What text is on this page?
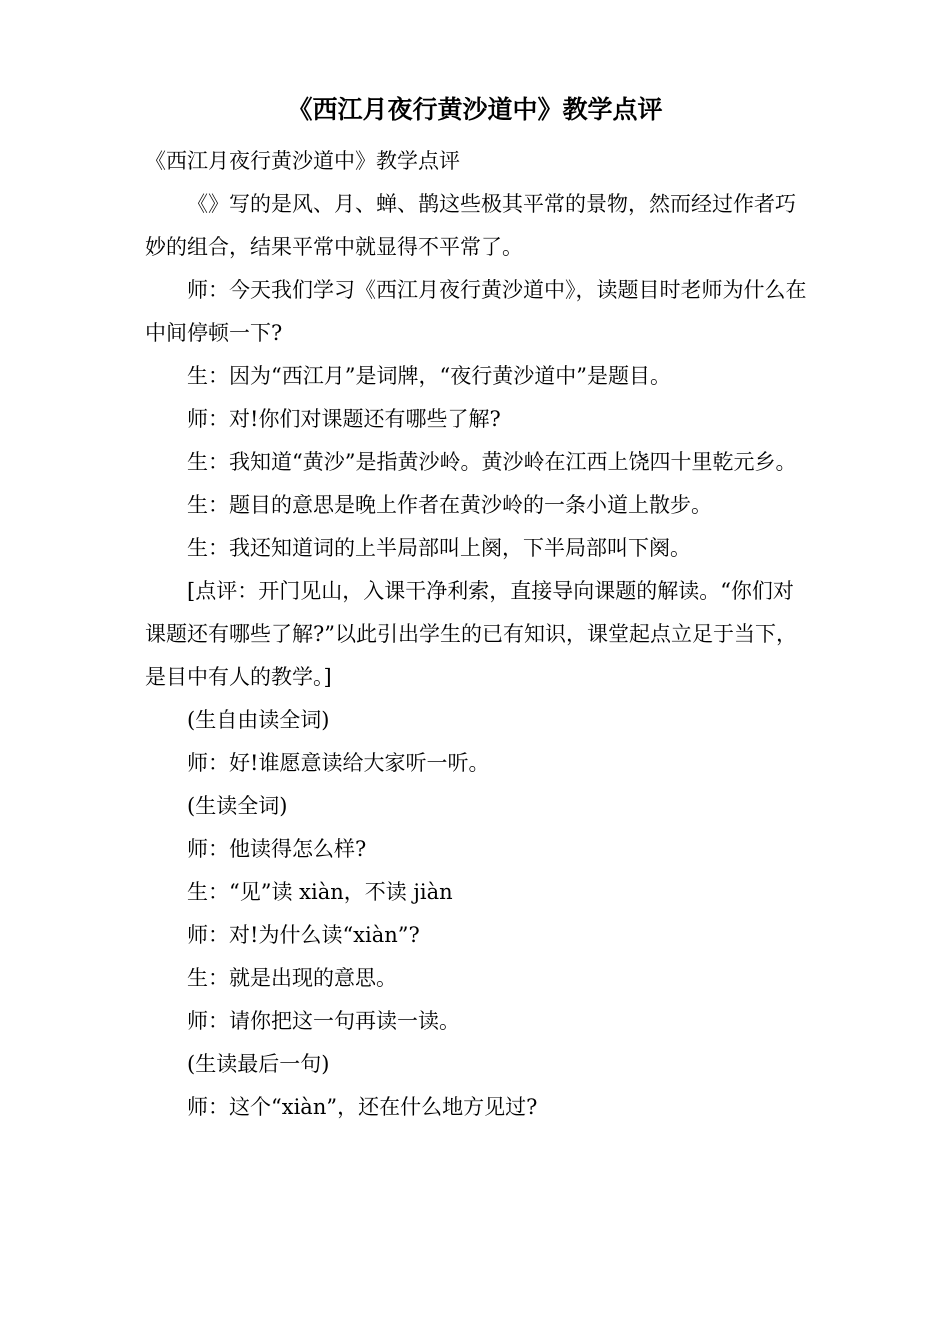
《西江月夜行黄沙道中》教学点评

《西江月夜行黄沙道中》教学点评

《》写的是风、月、蝉、鹊这些极其平常的景物，然而经过作者巧妙的组合，结果平常中就显得不平常了。

师：今天我们学习《西江月夜行黄沙道中》，读题目时老师为什么在中间停顿一下?

生：因为“西江月”是词牌，“夜行黄沙道中”是题目。

师：对!你们对课题还有哪些了解?

生：我知道“黄沙”是指黄沙岭。黄沙岭在江西上饶四十里乾元乡。

生：题目的意思是晚上作者在黄沙岭的一条小道上散步。

生：我还知道词的上半局部叫上阕，下半局部叫下阕。

[点评：开门见山，入课干净利索，直接导向课题的解读。“你们对课题还有哪些了解?”以此引出学生的已有知识，课堂起点立足于当下，是目中有人的教学。]

(生自由读全词)

师：好!谁愿意读给大家听一听。

(生读全词)

师：他读得怎么样?

生：“见”读 xiàn，不读 jiàn

师：对!为什么读“xiàn”?

生：就是出现的意思。

师：请你把这一句再读一读。

(生读最后一句)

师：这个“xiàn”，还在什么地方见过?
